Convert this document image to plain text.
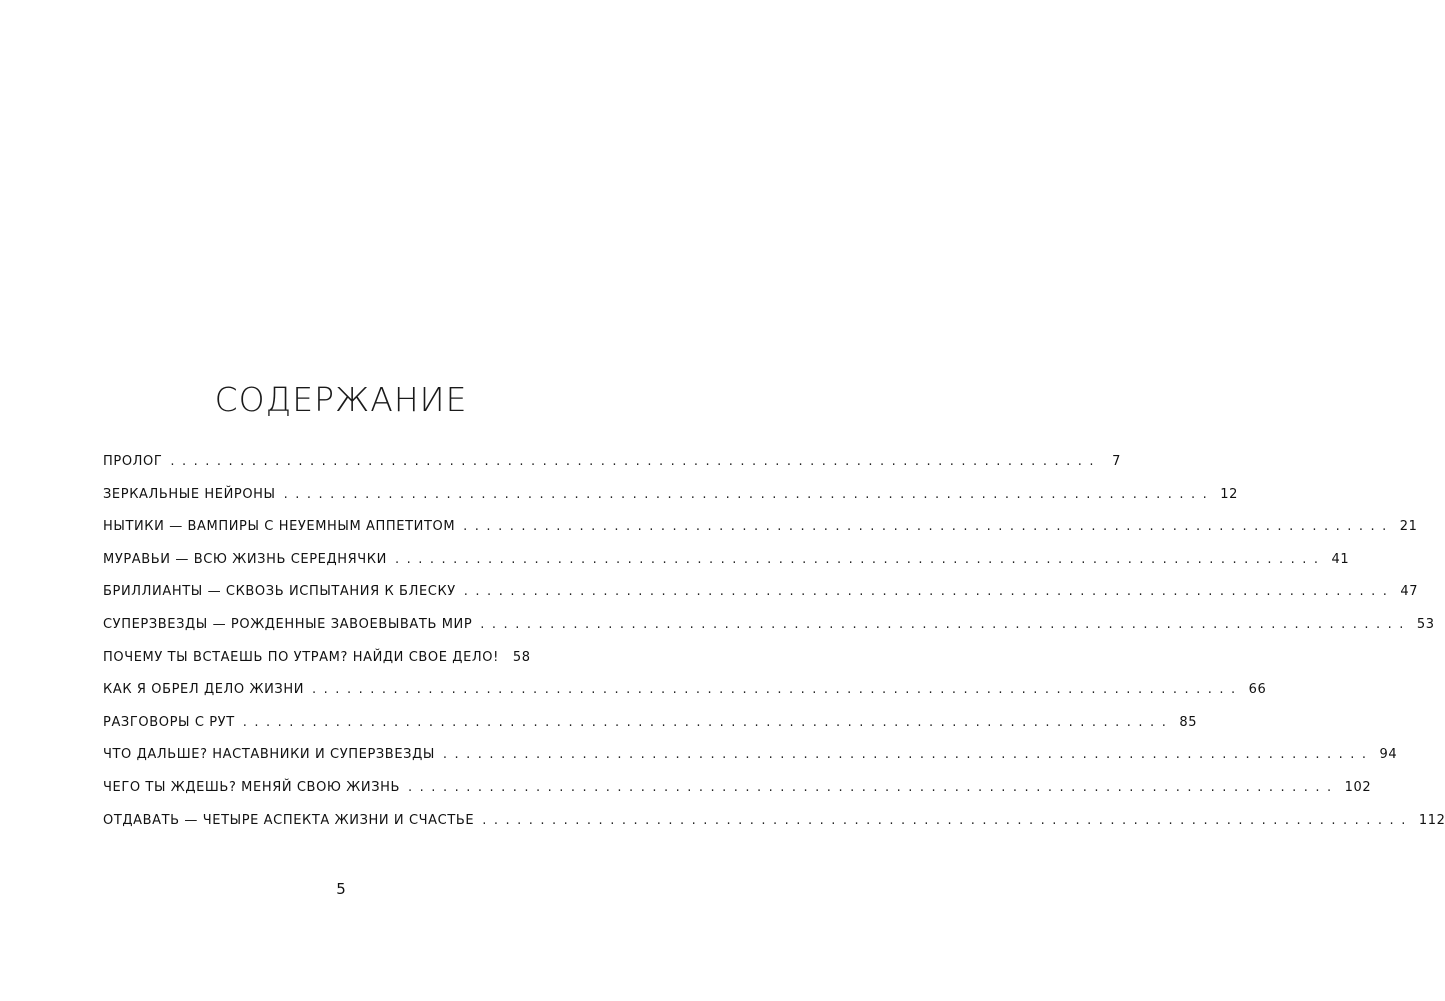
СОДЕРЖАНИЕ
ПРОЛОГ ................................................................................ 7
ЗЕРКАЛЬНЫЕ НЕЙРОНЫ ................................................................................ 12
НЫТИКИ — ВАМПИРЫ С НЕУЕМНЫМ АППЕТИТОМ ................................................................................ 21
МУРАВЬИ — ВСЮ ЖИЗНЬ СЕРЕДНЯЧКИ ................................................................................ 41
БРИЛЛИАНТЫ — СКВОЗЬ ИСПЫТАНИЯ К БЛЕСКУ ................................................................................ 47
СУПЕРЗВЕЗДЫ — РОЖДЕННЫЕ ЗАВОЕВЫВАТЬ МИР ................................................................................ 53
ПОЧЕМУ ТЫ ВСТАЕШЬ ПО УТРАМ? НАЙДИ СВОЕ ДЕЛО! 58
КАК Я ОБРЕЛ ДЕЛО ЖИЗНИ ................................................................................ 66
РАЗГОВОРЫ С РУТ ................................................................................ 85
ЧТО ДАЛЬШЕ? НАСТАВНИКИ И СУПЕРЗВЕЗДЫ ................................................................................ 94
ЧЕГО ТЫ ЖДЕШЬ? МЕНЯЙ СВОЮ ЖИЗНЬ ................................................................................ 102
ОТДАВАТЬ — ЧЕТЫРЕ АСПЕКТА ЖИЗНИ И СЧАСТЬЕ ................................................................................ 112
5
